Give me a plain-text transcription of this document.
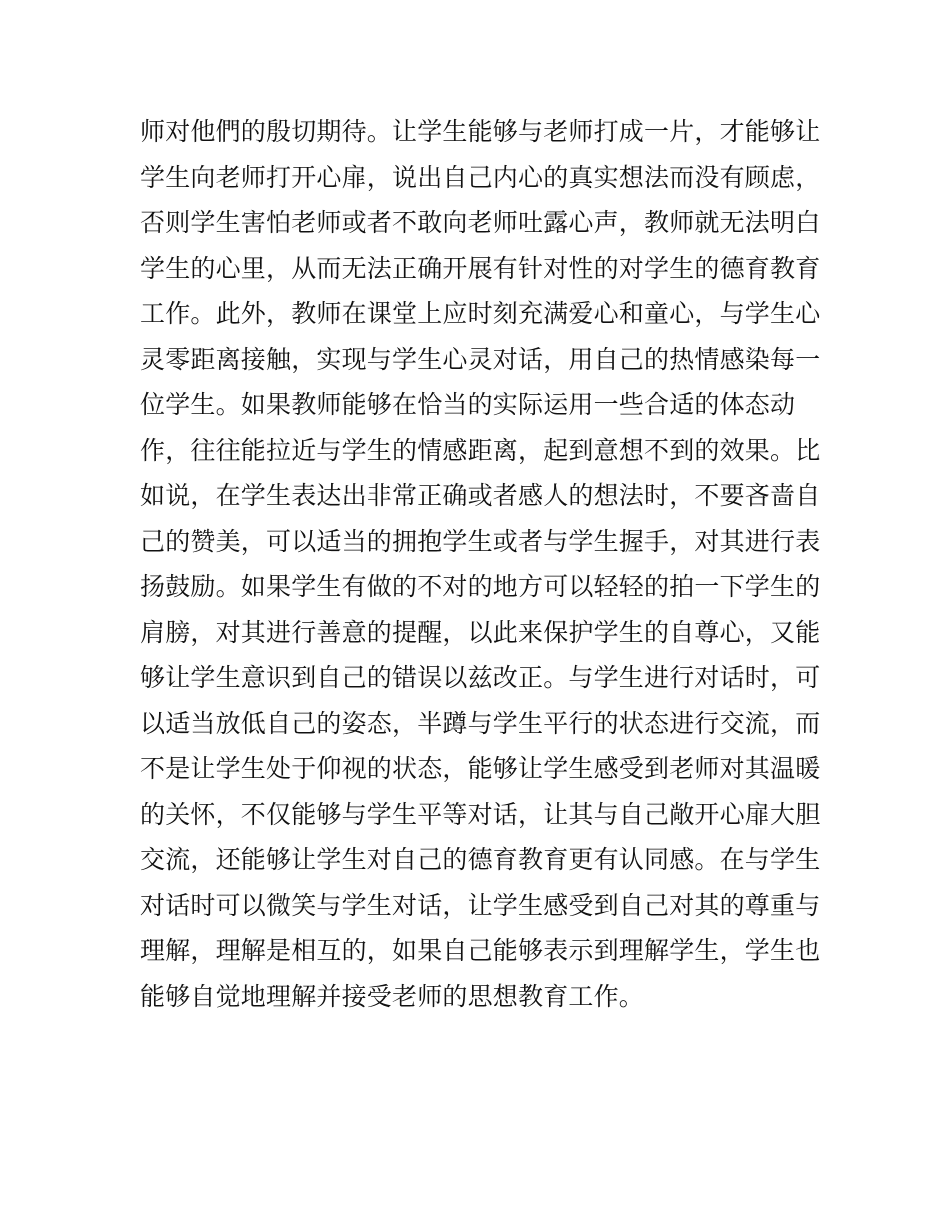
师对他們的殷切期待。让学生能够与老师打成一片，才能够让
学生向老师打开心扉，说出自己内心的真实想法而没有顾虑，
否则学生害怕老师或者不敢向老师吐露心声，教师就无法明白
学生的心里，从而无法正确开展有针对性的对学生的德育教育
工作。此外，教师在课堂上应时刻充满爱心和童心，与学生心
灵零距离接触，实现与学生心灵对话，用自己的热情感染每一
位学生。如果教师能够在恰当的实际运用一些合适的体态动
作，往往能拉近与学生的情感距离，起到意想不到的效果。比
如说，在学生表达出非常正确或者感人的想法时，不要吝啬自
己的赞美，可以适当的拥抱学生或者与学生握手，对其进行表
扬鼓励。如果学生有做的不对的地方可以轻轻的拍一下学生的
肩膀，对其进行善意的提醒，以此来保护学生的自尊心，又能
够让学生意识到自己的错误以兹改正。与学生进行对话时，可
以适当放低自己的姿态，半蹲与学生平行的状态进行交流，而
不是让学生处于仰视的状态，能够让学生感受到老师对其温暖
的关怀，不仅能够与学生平等对话，让其与自己敞开心扉大胆
交流，还能够让学生对自己的德育教育更有认同感。在与学生
对话时可以微笑与学生对话，让学生感受到自己对其的尊重与
理解，理解是相互的，如果自己能够表示到理解学生，学生也
能够自觉地理解并接受老师的思想教育工作。
